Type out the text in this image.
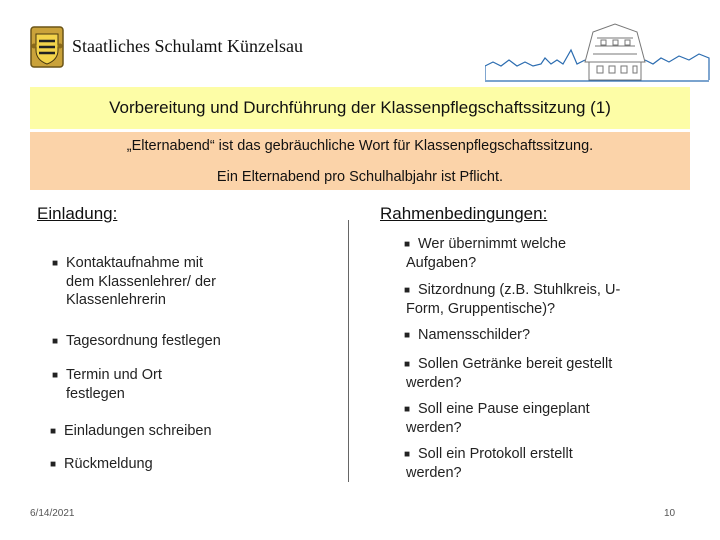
Staatliches Schulamt Künzelsau
Vorbereitung und Durchführung der Klassenpflegschaftssitzung (1)
„Elternabend“ ist das gebräuchliche Wort für Klassenpflegschaftssitzung.
Ein Elternabend pro Schulhalbjahr ist Pflicht.
Einladung:	Rahmenbedingungen:
■ Kontaktaufnahme mit
dem Klassenlehrer/ der
Klassenlehrerin
■ Tagesordnung festlegen
■ Termin und Ort
festlegen
■ Einladungen schreiben
■ Rückmeldung
■ Wer übernimmt welche
Aufgaben?
■ Sitzordnung (z.B. Stuhlkreis, U-
Form, Gruppentische)?
■ Namensschilder?
■ Sollen Getränke bereit gestellt
werden?
■ Soll eine Pause eingeplant
werden?
■ Soll ein Protokoll erstellt
werden?
6/14/2021	10
